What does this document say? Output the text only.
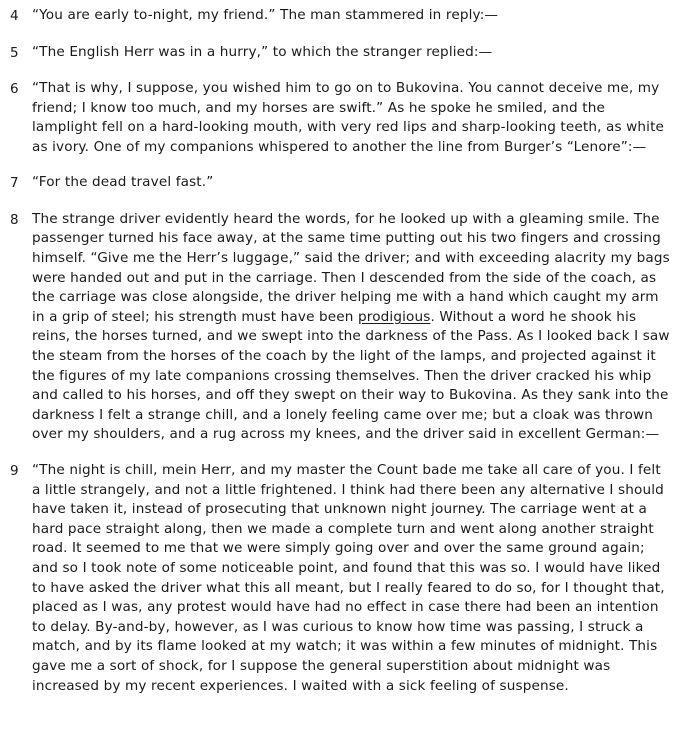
4 “You are early to-night, my friend.” The man stammered in reply:—
5 “The English Herr was in a hurry,” to which the stranger replied:—
6 “That is why, I suppose, you wished him to go on to Bukovina. You cannot deceive me, my friend; I know too much, and my horses are swift.” As he spoke he smiled, and the lamplight fell on a hard-looking mouth, with very red lips and sharp-looking teeth, as white as ivory. One of my companions whispered to another the line from Burger’s “Lenore”:—
7 “For the dead travel fast.”
8 The strange driver evidently heard the words, for he looked up with a gleaming smile. The passenger turned his face away, at the same time putting out his two fingers and crossing himself. “Give me the Herr’s luggage,” said the driver; and with exceeding alacrity my bags were handed out and put in the carriage. Then I descended from the side of the coach, as the carriage was close alongside, the driver helping me with a hand which caught my arm in a grip of steel; his strength must have been prodigious. Without a word he shook his reins, the horses turned, and we swept into the darkness of the Pass. As I looked back I saw the steam from the horses of the coach by the light of the lamps, and projected against it the figures of my late companions crossing themselves. Then the driver cracked his whip and called to his horses, and off they swept on their way to Bukovina. As they sank into the darkness I felt a strange chill, and a lonely feeling came over me; but a cloak was thrown over my shoulders, and a rug across my knees, and the driver said in excellent German:—
9 “The night is chill, mein Herr, and my master the Count bade me take all care of you. I felt a little strangely, and not a little frightened. I think had there been any alternative I should have taken it, instead of prosecuting that unknown night journey. The carriage went at a hard pace straight along, then we made a complete turn and went along another straight road. It seemed to me that we were simply going over and over the same ground again; and so I took note of some noticeable point, and found that this was so. I would have liked to have asked the driver what this all meant, but I really feared to do so, for I thought that, placed as I was, any protest would have had no effect in case there had been an intention to delay. By-and-by, however, as I was curious to know how time was passing, I struck a match, and by its flame looked at my watch; it was within a few minutes of midnight. This gave me a sort of shock, for I suppose the general superstition about midnight was increased by my recent experiences. I waited with a sick feeling of suspense.
